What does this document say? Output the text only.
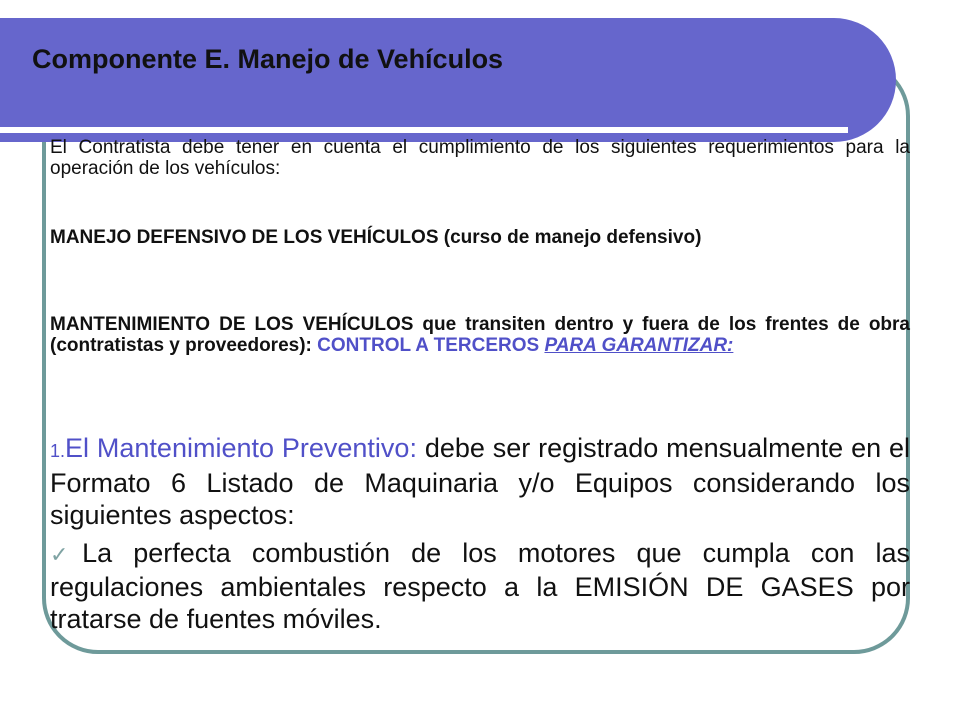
Componente E. Manejo de Vehículos

El Contratista debe tener en cuenta el cumplimiento de los siguientes requerimientos para la operación de los vehículos:

MANEJO DEFENSIVO DE LOS VEHÍCULOS (curso de manejo defensivo)

MANTENIMIENTO DE LOS VEHÍCULOS que transiten dentro y fuera de los frentes de obra (contratistas y proveedores): CONTROL A TERCEROS PARA GARANTIZAR:

1.El Mantenimiento Preventivo: debe ser registrado mensualmente en el Formato 6 Listado de Maquinaria y/o Equipos considerando los siguientes aspectos:

✓La perfecta combustión de los motores que cumpla con las regulaciones ambientales respecto a la EMISIÓN DE GASES por tratarse de fuentes móviles.
